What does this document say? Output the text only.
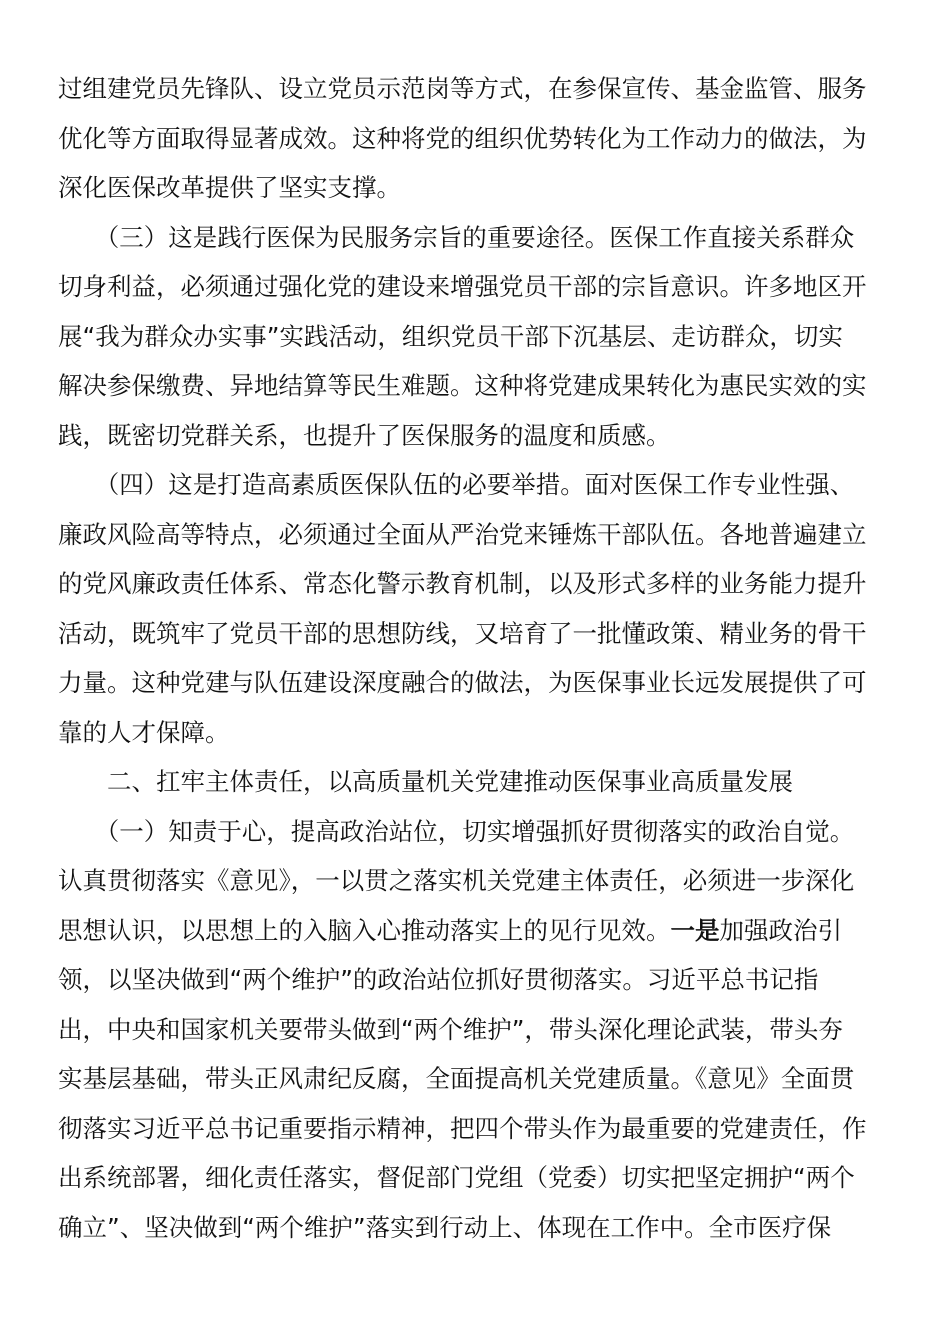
过组建党员先锋队、设立党员示范岗等方式，在参保宣传、基金监管、服务
优化等方面取得显著成效。这种将党的组织优势转化为工作动力的做法，为
深化医保改革提供了坚实支撑。
　　（三）这是践行医保为民服务宗旨的重要途径。医保工作直接关系群众
切身利益，必须通过强化党的建设来增强党员干部的宗旨意识。许多地区开
展“我为群众办实事”实践活动，组织党员干部下沉基层、走访群众，切实
解决参保缴费、异地结算等民生难题。这种将党建成果转化为惠民实效的实
践，既密切党群关系，也提升了医保服务的温度和质感。
　　（四）这是打造高素质医保队伍的必要举措。面对医保工作专业性强、
廉政风险高等特点，必须通过全面从严治党来锤炼干部队伍。各地普遍建立
的党风廉政责任体系、常态化警示教育机制，以及形式多样的业务能力提升
活动，既筑牢了党员干部的思想防线，又培育了一批懂政策、精业务的骨干
力量。这种党建与队伍建设深度融合的做法，为医保事业长远发展提供了可
靠的人才保障。
　　二、扛牢主体责任，以高质量机关党建推动医保事业高质量发展
　　（一）知责于心，提高政治站位，切实增强抓好贯彻落实的政治自觉。
认真贯彻落实《意见》，一以贯之落实机关党建主体责任，必须进一步深化
思想认识，以思想上的入脑入心推动落实上的见行见效。一是加强政治引
领，以坚决做到“两个维护”的政治站位抓好贯彻落实。习近平总书记指
出，中央和国家机关要带头做到“两个维护”，带头深化理论武装，带头夯
实基层基础，带头正风肃纪反腐，全面提高机关党建质量。《意见》全面贯
彻落实习近平总书记重要指示精神，把四个带头作为最重要的党建责任，作
出系统部署，细化责任落实，督促部门党组（党委）切实把坚定拥护“两个
确立”、坚决做到“两个维护”落实到行动上、体现在工作中。全市医疗保
